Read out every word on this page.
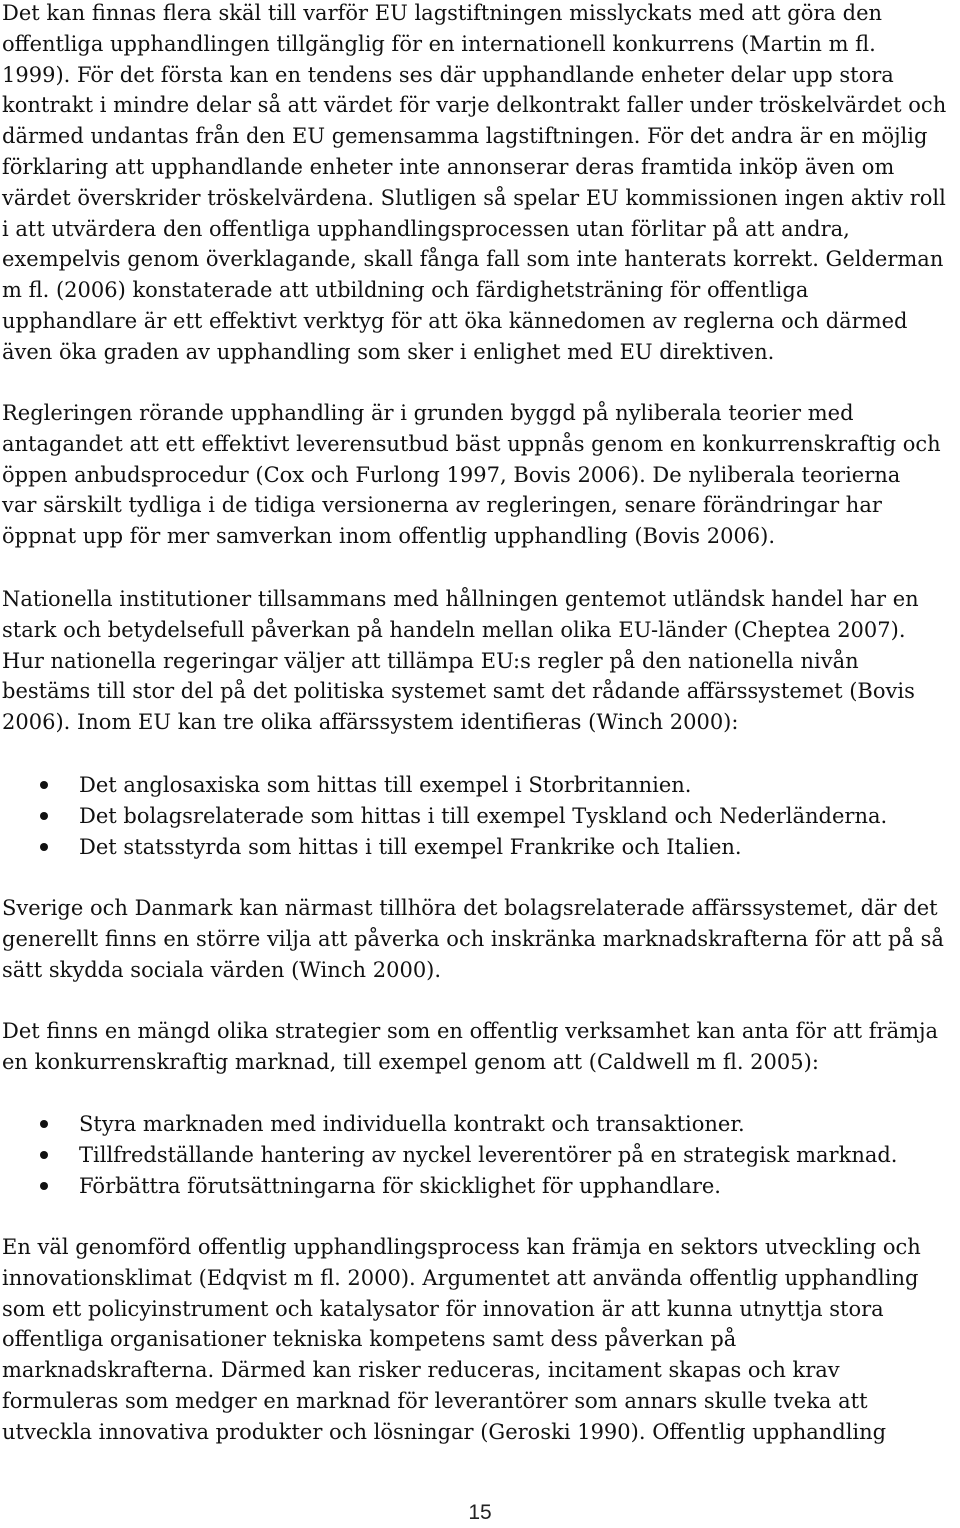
Det kan finnas flera skäl till varför EU lagstiftningen misslyckats med att göra den
offentliga upphandlingen tillgänglig för en internationell konkurrens (Martin m fl.
1999). För det första kan en tendens ses där upphandlande enheter delar upp stora
kontrakt i mindre delar så att värdet för varje delkontrakt faller under tröskelvärdet och
därmed undantas från den EU gemensamma lagstiftningen. För det andra är en möjlig
förklaring att upphandlande enheter inte annonserar deras framtida inköp även om
värdet överskrider tröskelvärdena. Slutligen så spelar EU kommissionen ingen aktiv roll
i att utvärdera den offentliga upphandlingsprocessen utan förlitar på att andra,
exempelvis genom överklagande, skall fånga fall som inte hanterats korrekt. Gelderman
m fl. (2006) konstaterade att utbildning och färdighetsträning för offentliga
upphandlare är ett effektivt verktyg för att öka kännedomen av reglerna och därmed
även öka graden av upphandling som sker i enlighet med EU direktiven.

Regleringen rörande upphandling är i grunden byggd på nyliberala teorier med
antagandet att ett effektivt leverensutbud bäst uppnås genom en konkurrenskraftig och
öppen anbudsprocedur (Cox och Furlong 1997, Bovis 2006). De nyliberala teorierna
var särskilt tydliga i de tidiga versionerna av regleringen, senare förändringar har
öppnat upp för mer samverkan inom offentlig upphandling (Bovis 2006).

Nationella institutioner tillsammans med hållningen gentemot utländsk handel har en
stark och betydelsefull påverkan på handeln mellan olika EU-länder (Cheptea 2007).
Hur nationella regeringar väljer att tillämpa EU:s regler på den nationella nivån
bestäms till stor del på det politiska systemet samt det rådande affärssystemet (Bovis
2006). Inom EU kan tre olika affärssystem identifieras (Winch 2000):

Det anglosaxiska som hittas till exempel i Storbritannien.
Det bolagsrelaterade som hittas i till exempel Tyskland och Nederländerna.
Det statsstyrda som hittas i till exempel Frankrike och Italien.

Sverige och Danmark kan närmast tillhöra det bolagsrelaterade affärssystemet, där det
generellt finns en större vilja att påverka och inskränka marknadskrafterna för att på så
sätt skydda sociala värden (Winch 2000).

Det finns en mängd olika strategier som en offentlig verksamhet kan anta för att främja
en konkurrenskraftig marknad, till exempel genom att (Caldwell m fl. 2005):

Styra marknaden med individuella kontrakt och transaktioner.
Tillfredställande hantering av nyckel leverentörer på en strategisk marknad.
Förbättra förutsättningarna för skicklighet för upphandlare.

En väl genomförd offentlig upphandlingsprocess kan främja en sektors utveckling och
innovationsklimat (Edqvist m fl. 2000). Argumentet att använda offentlig upphandling
som ett policyinstrument och katalysator för innovation är att kunna utnyttja stora
offentliga organisationer tekniska kompetens samt dess påverkan på
marknadskrafterna. Därmed kan risker reduceras, incitament skapas och krav
formuleras som medger en marknad för leverantörer som annars skulle tveka att
utveckla innovativa produkter och lösningar (Geroski 1990). Offentlig upphandling

15
